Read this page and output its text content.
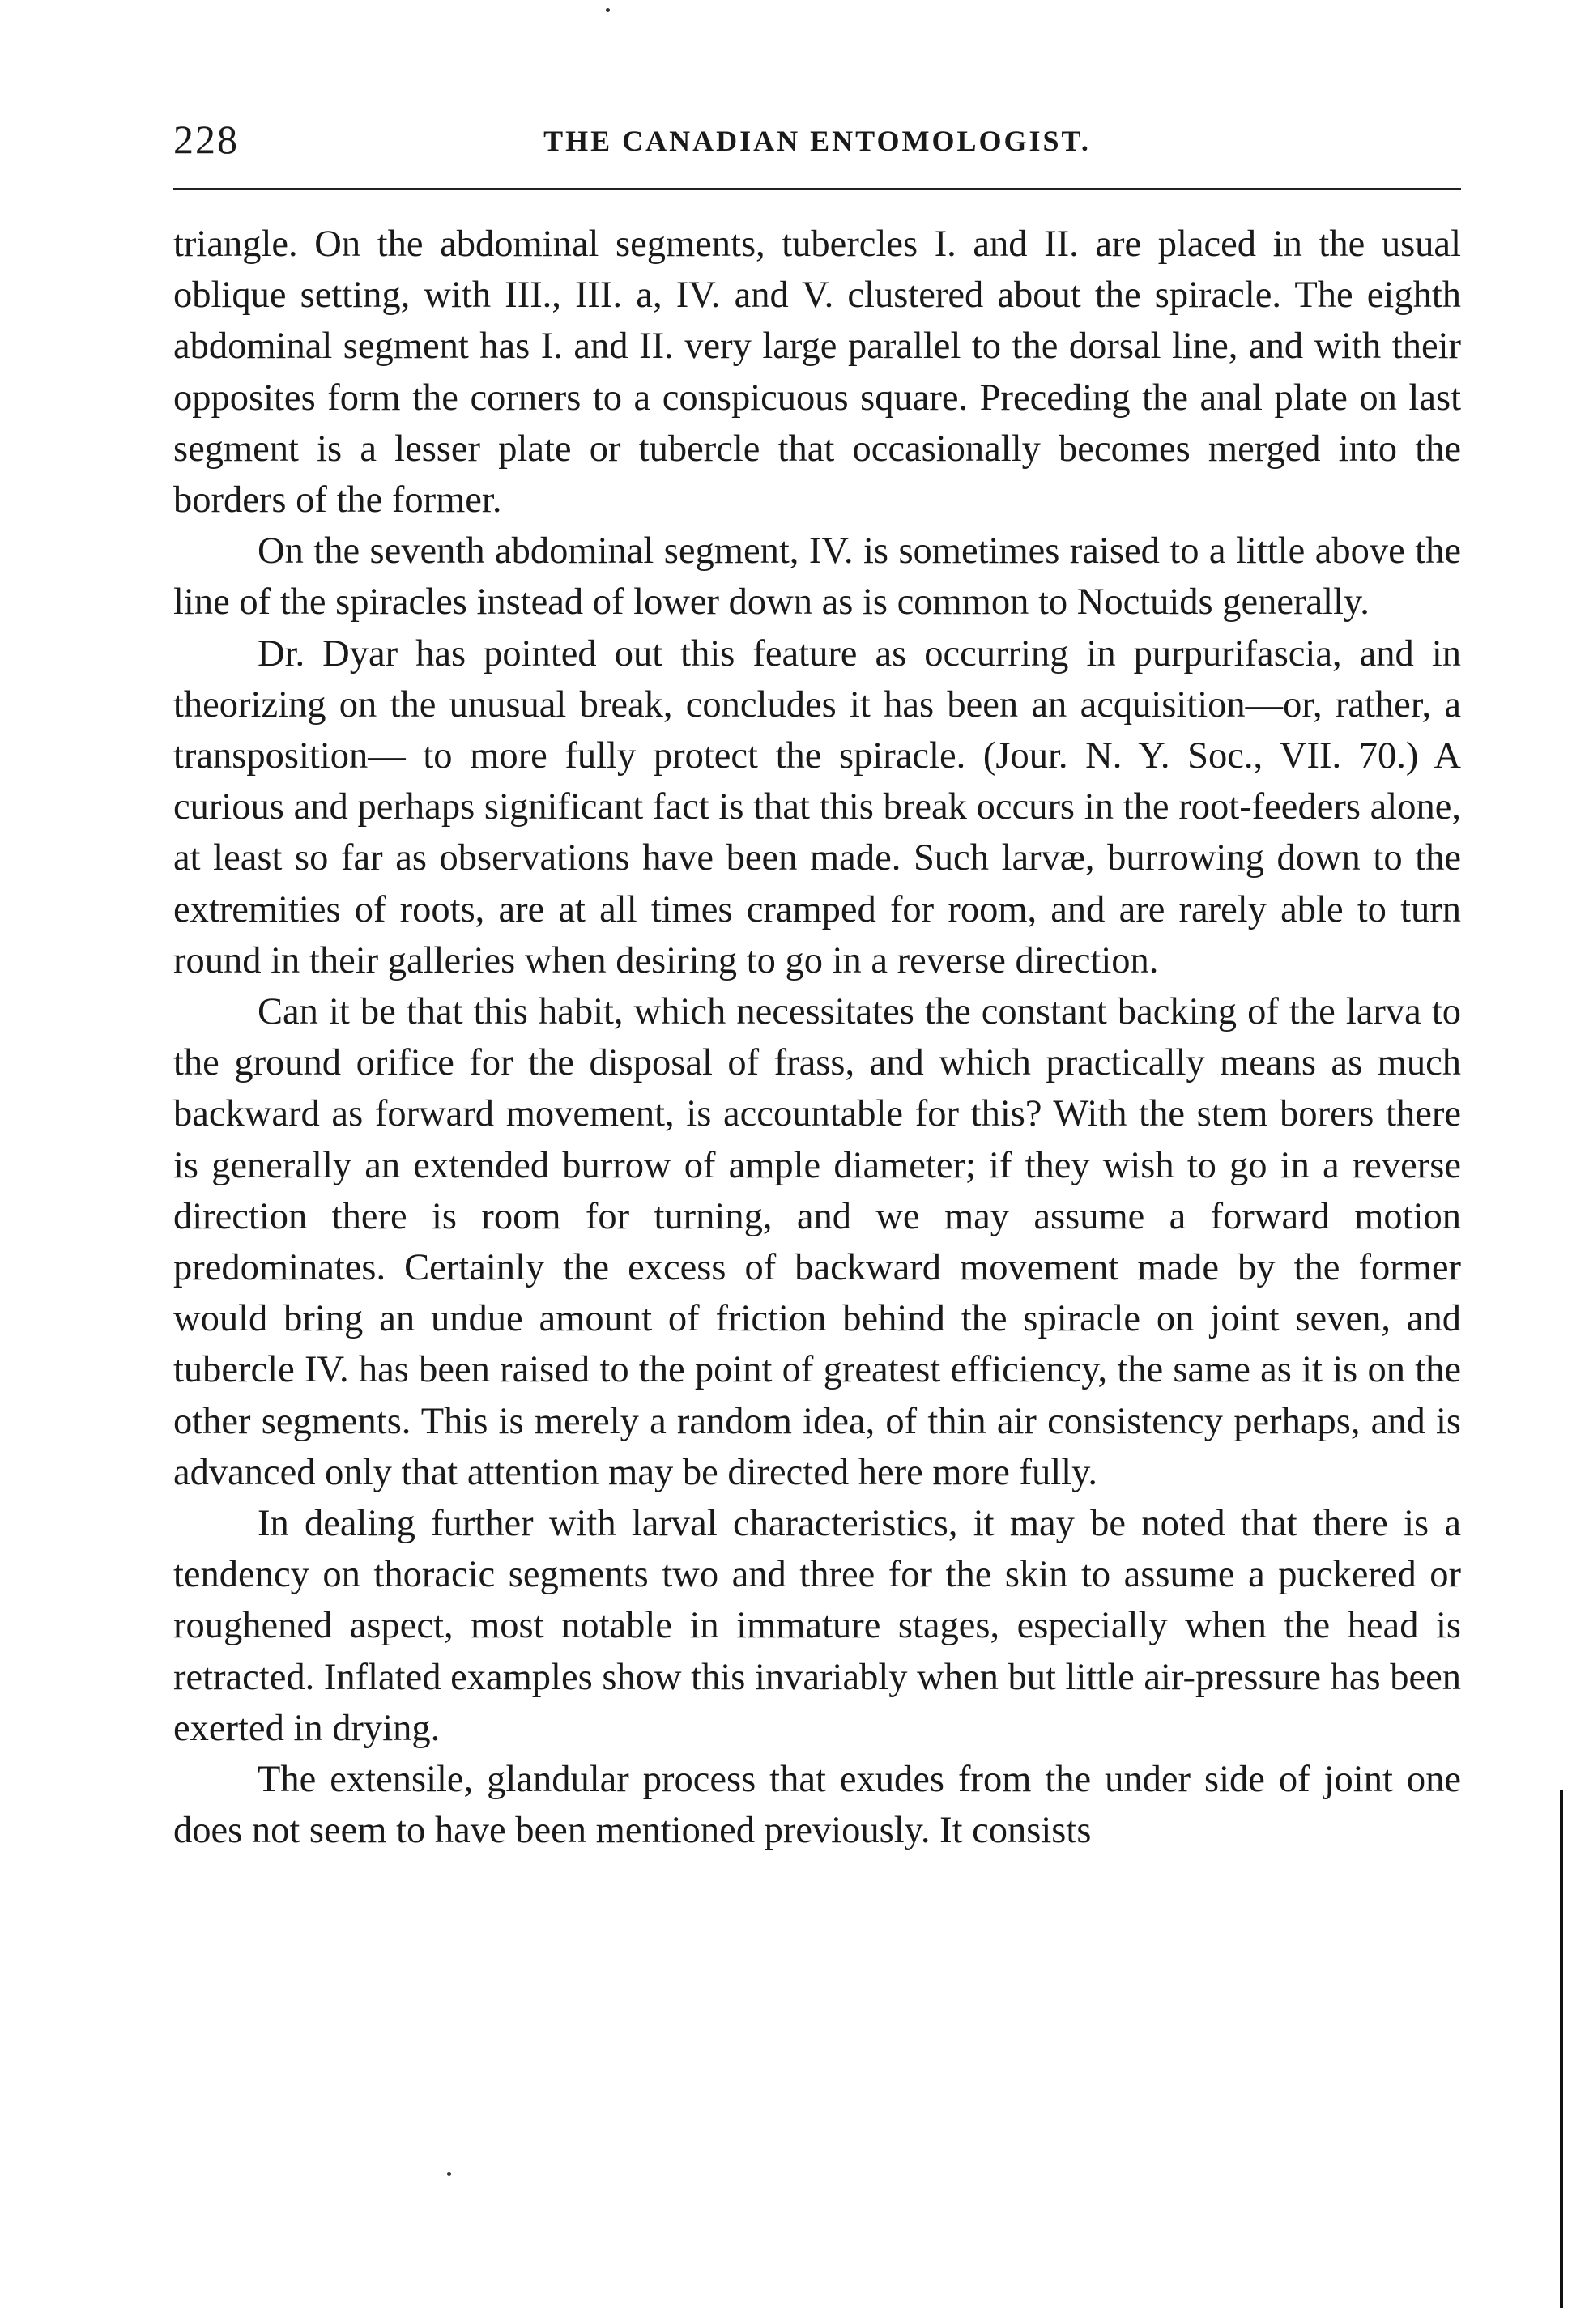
228	THE CANADIAN ENTOMOLOGIST.

triangle. On the abdominal segments, tubercles I. and II. are placed in the usual oblique setting, with III., III. a, IV. and V. clustered about the spiracle. The eighth abdominal segment has I. and II. very large parallel to the dorsal line, and with their opposites form the corners to a conspicuous square. Preceding the anal plate on last segment is a lesser plate or tubercle that occasionally becomes merged into the borders of the former.

On the seventh abdominal segment, IV. is sometimes raised to a little above the line of the spiracles instead of lower down as is common to Noctuids generally.

Dr. Dyar has pointed out this feature as occurring in purpurifascia, and in theorizing on the unusual break, concludes it has been an acquisition—or, rather, a transposition— to more fully protect the spiracle. (Jour. N. Y. Soc., VII. 70.) A curious and perhaps significant fact is that this break occurs in the root-feeders alone, at least so far as observations have been made. Such larvæ, burrowing down to the extremities of roots, are at all times cramped for room, and are rarely able to turn round in their galleries when desiring to go in a reverse direction.

Can it be that this habit, which necessitates the constant backing of the larva to the ground orifice for the disposal of frass, and which practically means as much backward as forward movement, is accountable for this? With the stem borers there is generally an extended burrow of ample diameter; if they wish to go in a reverse direction there is room for turning, and we may assume a forward motion predominates. Certainly the excess of backward movement made by the former would bring an undue amount of friction behind the spiracle on joint seven, and tubercle IV. has been raised to the point of greatest efficiency, the same as it is on the other segments. This is merely a random idea, of thin air consistency perhaps, and is advanced only that attention may be directed here more fully.

In dealing further with larval characteristics, it may be noted that there is a tendency on thoracic segments two and three for the skin to assume a puckered or roughened aspect, most notable in immature stages, especially when the head is retracted. Inflated examples show this invariably when but little air-pressure has been exerted in drying.

The extensile, glandular process that exudes from the under side of joint one does not seem to have been mentioned previously. It consists
